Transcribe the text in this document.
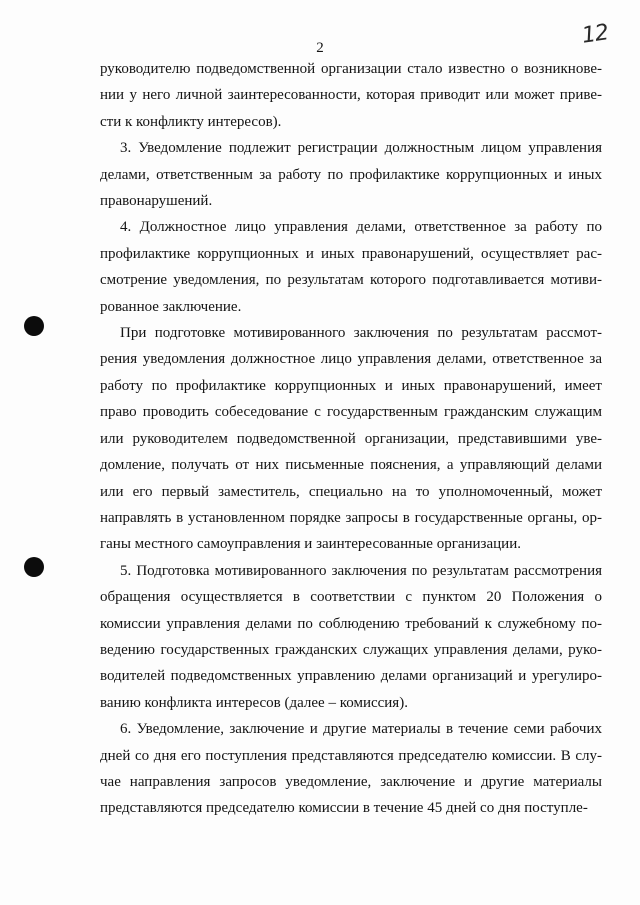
2	12

руководителю подведомственной организации стало известно о возникновении у него личной заинтересованности, которая приводит или может привести к конфликту интересов).

3. Уведомление подлежит регистрации должностным лицом управления делами, ответственным за работу по профилактике коррупционных и иных правонарушений.

4. Должностное лицо управления делами, ответственное за работу по профилактике коррупционных и иных правонарушений, осуществляет рассмотрение уведомления, по результатам которого подготавливается мотивированное заключение.

При подготовке мотивированного заключения по результатам рассмотрения уведомления должностное лицо управления делами, ответственное за работу по профилактике коррупционных и иных правонарушений, имеет право проводить собеседование с государственным гражданским служащим или руководителем подведомственной организации, представившими уведомление, получать от них письменные пояснения, а управляющий делами или его первый заместитель, специально на то уполномоченный, может направлять в установленном порядке запросы в государственные органы, органы местного самоуправления и заинтересованные организации.

5. Подготовка мотивированного заключения по результатам рассмотрения обращения осуществляется в соответствии с пунктом 20 Положения о комиссии управления делами по соблюдению требований к служебному поведению государственных гражданских служащих управления делами, руководителей подведомственных управлению делами организаций и урегулированию конфликта интересов (далее – комиссия).

6. Уведомление, заключение и другие материалы в течение семи рабочих дней со дня его поступления представляются председателю комиссии. В случае направления запросов уведомление, заключение и другие материалы представляются председателю комиссии в течение 45 дней со дня поступле-
